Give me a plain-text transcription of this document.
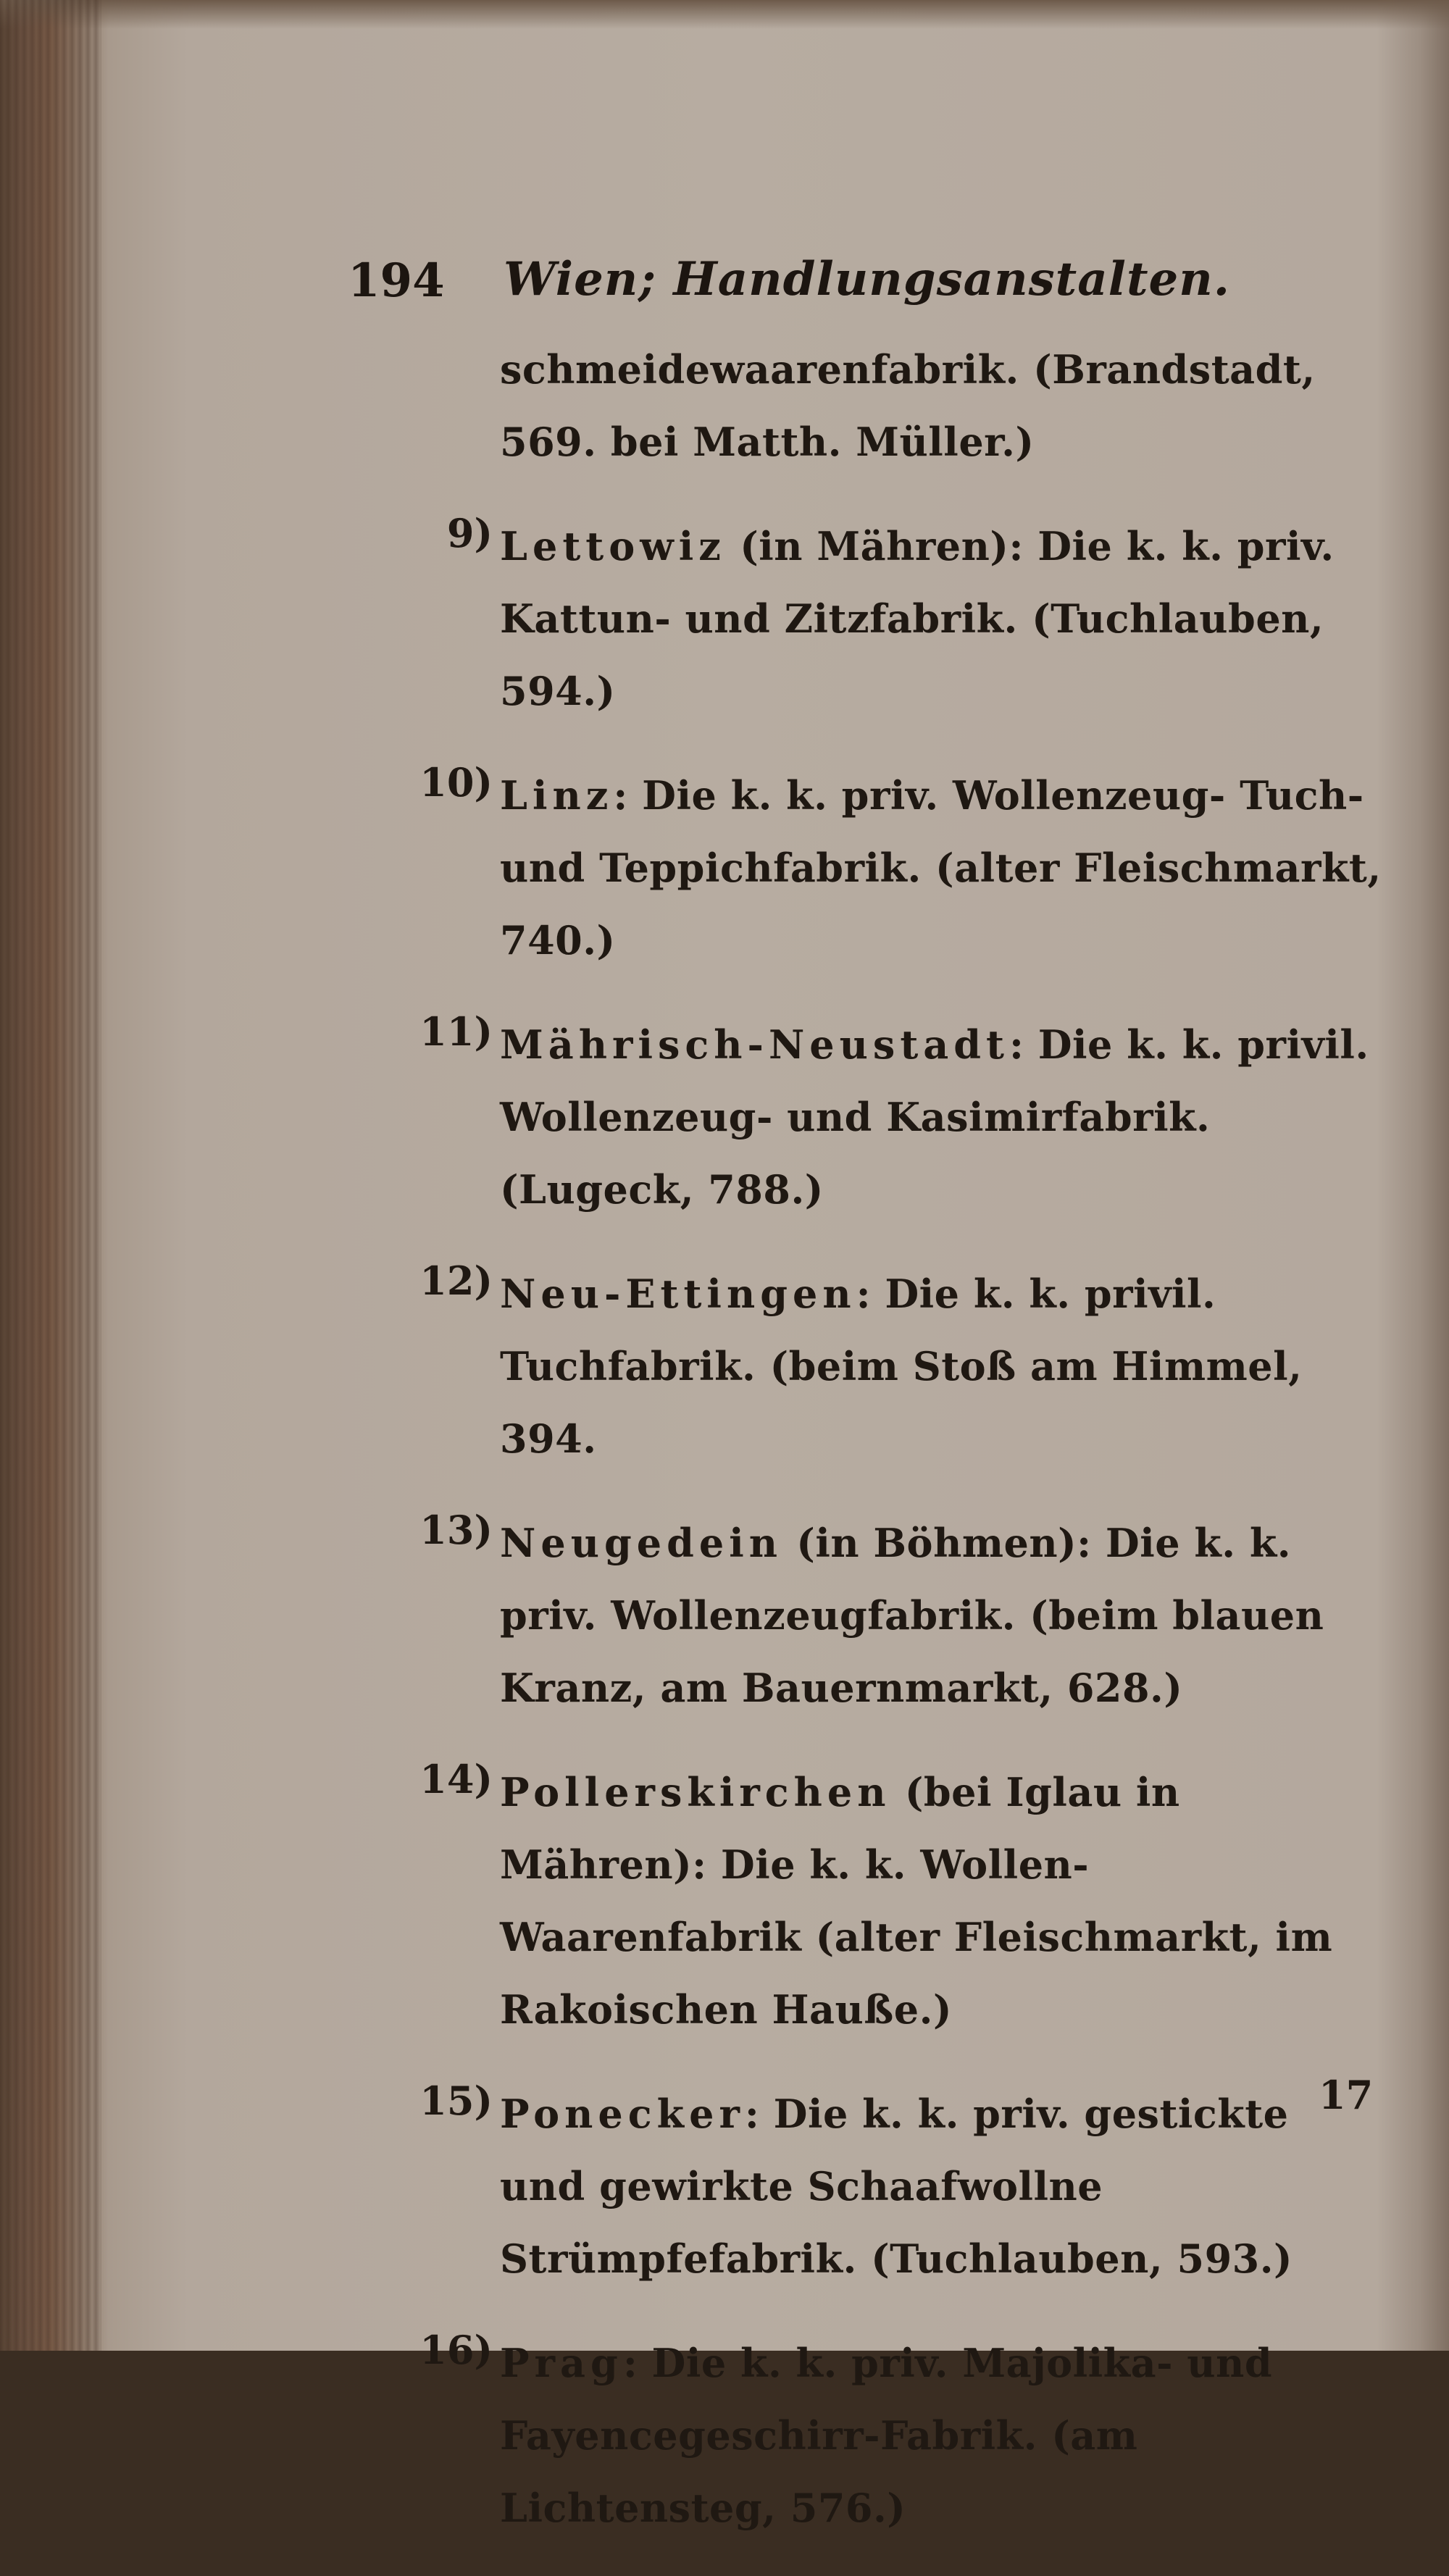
194 Wien; Handlungsanstalten.
schmeidewaarenfabrik. (Brandstadt, 569. bei Matth. Müller.)
9) Lettowiz (in Mähren): Die k. k. priv. Kattun- und Zitzfabrik. (Tuchlauben, 594.)
10) Linz: Die k. k. priv. Wollenzeug- Tuch- und Teppichfabrik. (alter Fleischmarkt, 740.)
11) Mährisch-Neustadt: Die k. k. privil. Wollenzeug- und Kasimirfabrik. (Lugeck, 788.)
12) Neu-Ettingen: Die k. k. privil. Tuchfabrik. (beim Stoß am Himmel, 394.
13) Neugedein (in Böhmen): Die k. k. priv. Wollenzeugfabrik. (beim blauen Kranz, am Bauernmarkt, 628.)
14) Pollerskirchen (bei Iglau in Mähren): Die k. k. Wollen-Waarenfabrik (alter Fleischmarkt, im Rakoischen Hauße.)
15) Ponecker: Die k. k. priv. gestickte und gewirkte Schaafwollne Strümpfefabrik. (Tuchlauben, 593.)
16) Prag: Die k. k. priv. Majolika- und Fayencegeschirr-Fabrik. (am Lichtensteg, 576.)
17
